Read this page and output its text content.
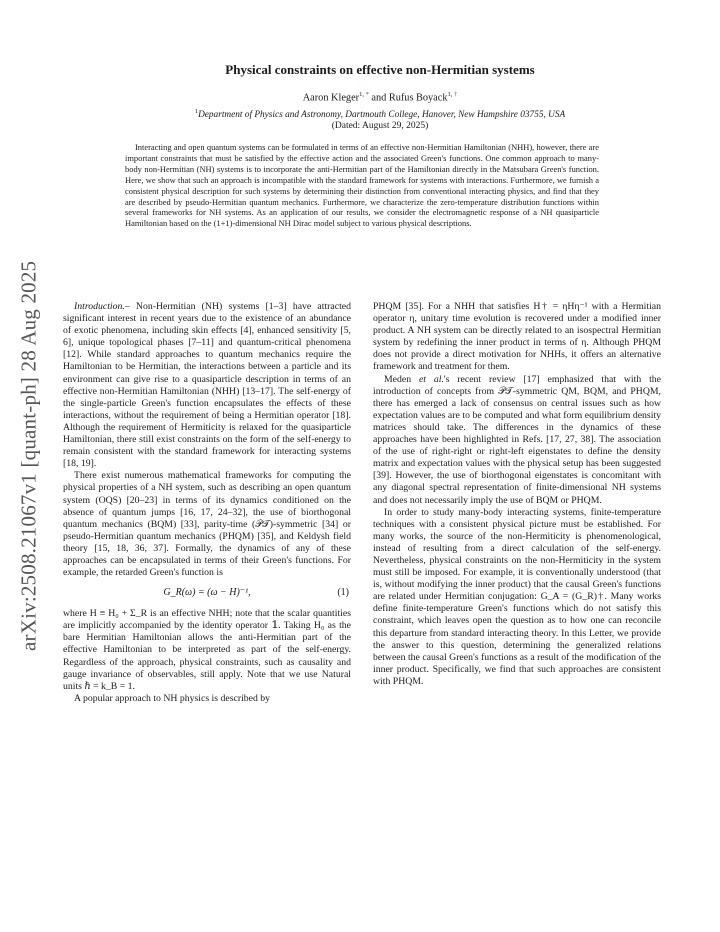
arXiv:2508.21067v1 [quant-ph] 28 Aug 2025
Physical constraints on effective non-Hermitian systems
Aaron Kleger$^{1, *}$ and Rufus Boyack$^{1, \dagger}$
$^1$Department of Physics and Astronomy, Dartmouth College, Hanover, New Hampshire 03755, USA
(Dated: August 29, 2025)

Interacting and open quantum systems can be formulated in terms of an effective non-Hermitian Hamiltonian (NHH), however, there are important constraints that must be satisfied by the effective action and the associated Green's functions. One common approach to many-body non-Hermitian (NH) systems is to incorporate the anti-Hermitian part of the Hamiltonian directly in the Matsubara Green's function. Here, we show that such an approach is incompatible with the standard framework for systems with interactions. Furthermore, we furnish a consistent physical description for such systems by determining their distinction from conventional interacting physics, and find that they are described by pseudo-Hermitian quantum mechanics. Furthermore, we characterize the zero-temperature distribution functions within several frameworks for NH systems. As an application of our results, we consider the electromagnetic response of a NH quasiparticle Hamiltonian based on the (1+1)-dimensional NH Dirac model subject to various physical descriptions.

Introduction.– Non-Hermitian (NH) systems [1–3] have attracted significant interest in recent years due to the existence of an abundance of exotic phenomena, including skin effects [4], enhanced sensitivity [5, 6], unique topological phases [7–11] and quantum-critical phenomena [12]. While standard approaches to quantum mechanics require the Hamiltonian to be Hermitian, the interactions between a particle and its environment can give rise to a quasiparticle description in terms of an effective non-Hermitian Hamiltonian (NHH) [13–17]. The self-energy of the single-particle Green's function encapsulates the effects of these interactions, without the requirement of being a Hermitian operator [18]. Although the requirement of Hermiticity is relaxed for the quasiparticle Hamiltonian, there still exist constraints on the form of the self-energy to remain consistent with the standard framework for interacting systems [18, 19].

There exist numerous mathematical frameworks for computing the physical properties of a NH system, such as describing an open quantum system (OQS) [20–23] in terms of its dynamics conditioned on the absence of quantum jumps [16, 17, 24–32], the use of biorthogonal quantum mechanics (BQM) [33], parity-time (𝒫𝒯)-symmetric [34] or pseudo-Hermitian quantum mechanics (PHQM) [35], and Keldysh field theory [15, 18, 36, 37]. Formally, the dynamics of any of these approaches can be encapsulated in terms of their Green's functions. For example, the retarded Green's function is

G_R(ω) = (ω − H)⁻¹,	(1)

where H ≡ H₀ + Σ_R is an effective NHH; note that the scalar quantities are implicitly accompanied by the identity operator 𝟙. Taking H₀ as the bare Hermitian Hamiltonian allows the anti-Hermitian part of the effective Hamiltonian to be interpreted as part of the self-energy. Regardless of the approach, physical constraints, such as causality and gauge invariance of observables, still apply. Note that we use Natural units ℏ = k_B = 1.

A popular approach to NH physics is described by

PHQM [35]. For a NHH that satisfies H† = ηHη⁻¹ with a Hermitian operator η, unitary time evolution is recovered under a modified inner product. A NH system can be directly related to an isospectral Hermitian system by redefining the inner product in terms of η. Although PHQM does not provide a direct motivation for NHHs, it offers an alternative framework and treatment for them.

Meden et al.'s recent review [17] emphasized that with the introduction of concepts from 𝒫𝒯-symmetric QM, BQM, and PHQM, there has emerged a lack of consensus on central issues such as how expectation values are to be computed and what form equilibrium density matrices should take. The differences in the dynamics of these approaches have been highlighted in Refs. [17, 27, 38]. The association of the use of right-right or right-left eigenstates to define the density matrix and expectation values with the physical setup has been suggested [39]. However, the use of biorthogonal eigenstates is concomitant with any diagonal spectral representation of finite-dimensional NH systems and does not necessarily imply the use of BQM or PHQM.

In order to study many-body interacting systems, finite-temperature techniques with a consistent physical picture must be established. For many works, the source of the non-Hermiticity is phenomenological, instead of resulting from a direct calculation of the self-energy. Nevertheless, physical constraints on the non-Hermiticity in the system must still be imposed. For example, it is conventionally understood (that is, without modifying the inner product) that the causal Green's functions are related under Hermitian conjugation: G_A = (G_R)†. Many works define finite-temperature Green's functions which do not satisfy this constraint, which leaves open the question as to how one can reconcile this departure from standard interacting theory. In this Letter, we provide the answer to this question, determining the generalized relations between the causal Green's functions as a result of the modification of the inner product. Specifically, we find that such approaches are consistent with PHQM.
